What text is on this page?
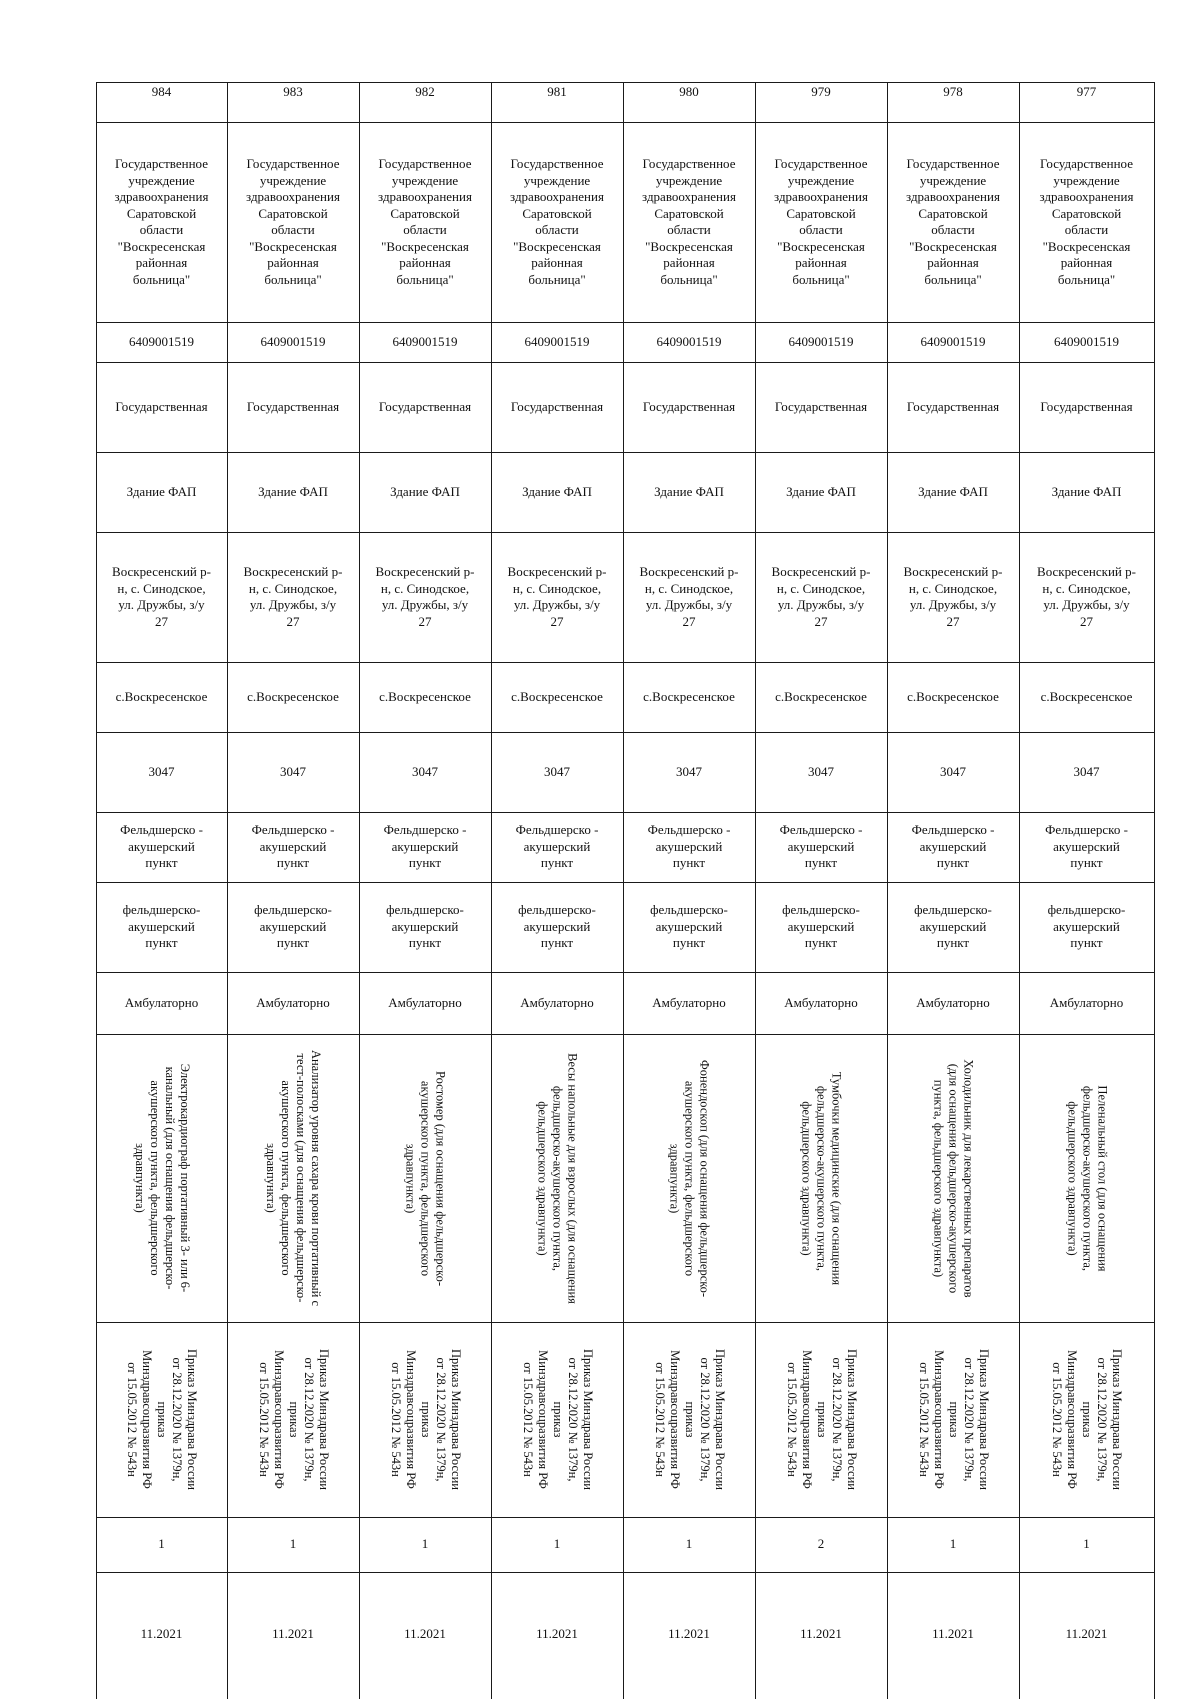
984
Государственное
учреждение
здравоохранения
Саратовской
области
"Воскресенская
районная
больница"
6409001519
Государственная
Здание ФАП
Воскресенский р-
н, с. Синодское,
ул. Дружбы, з/у
27
с.Воскресенское
3047
Фельдшерско -
акушерский
пункт
фельдшерско-
акушерский
пункт
Амбулаторно
Электрокардиограф портативный 3- или 6-
канальный (для оснащения фельдшерско-
акушерского пункта, фельдшерского
здравпункта)
Приказ Минздрава России
от 28.12.2020 № 1379н,
приказ
Минздравсоцразвития РФ
от 15.05.2012 № 543н
1
11.2021
983
Государственное
учреждение
здравоохранения
Саратовской
области
"Воскресенская
районная
больница"
6409001519
Государственная
Здание ФАП
Воскресенский р-
н, с. Синодское,
ул. Дружбы, з/у
27
с.Воскресенское
3047
Фельдшерско -
акушерский
пункт
фельдшерско-
акушерский
пункт
Амбулаторно
Анализатор уровня сахара крови портативный с
тест-полосками (для оснащения фельдшерско-
акушерского пункта, фельдшерского
здравпункта)
Приказ Минздрава России
от 28.12.2020 № 1379н,
приказ
Минздравсоцразвития РФ
от 15.05.2012 № 543н
1
11.2021
982
Государственное
учреждение
здравоохранения
Саратовской
области
"Воскресенская
районная
больница"
6409001519
Государственная
Здание ФАП
Воскресенский р-
н, с. Синодское,
ул. Дружбы, з/у
27
с.Воскресенское
3047
Фельдшерско -
акушерский
пункт
фельдшерско-
акушерский
пункт
Амбулаторно
Ростомер (для оснащения фельдшерско-
акушерского пункта, фельдшерского
здравпункта)
Приказ Минздрава России
от 28.12.2020 № 1379н,
приказ
Минздравсоцразвития РФ
от 15.05.2012 № 543н
1
11.2021
981
Государственное
учреждение
здравоохранения
Саратовской
области
"Воскресенская
районная
больница"
6409001519
Государственная
Здание ФАП
Воскресенский р-
н, с. Синодское,
ул. Дружбы, з/у
27
с.Воскресенское
3047
Фельдшерско -
акушерский
пункт
фельдшерско-
акушерский
пункт
Амбулаторно
Весы напольные для взрослых (для оснащения
фельдшерско-акушерского пункта,
фельдшерского здравпункта)
Приказ Минздрава России
от 28.12.2020 № 1379н,
приказ
Минздравсоцразвития РФ
от 15.05.2012 № 543н
1
11.2021
980
Государственное
учреждение
здравоохранения
Саратовской
области
"Воскресенская
районная
больница"
6409001519
Государственная
Здание ФАП
Воскресенский р-
н, с. Синодское,
ул. Дружбы, з/у
27
с.Воскресенское
3047
Фельдшерско -
акушерский
пункт
фельдшерско-
акушерский
пункт
Амбулаторно
Фонендоскоп (для оснащения фельдшерско-
акушерского пункта, фельдшерского
здравпункта)
Приказ Минздрава России
от 28.12.2020 № 1379н,
приказ
Минздравсоцразвития РФ
от 15.05.2012 № 543н
1
11.2021
979
Государственное
учреждение
здравоохранения
Саратовской
области
"Воскресенская
районная
больница"
6409001519
Государственная
Здание ФАП
Воскресенский р-
н, с. Синодское,
ул. Дружбы, з/у
27
с.Воскресенское
3047
Фельдшерско -
акушерский
пункт
фельдшерско-
акушерский
пункт
Амбулаторно
Тумбочки медицинские (для оснащения
фельдшерско-акушерского пункта,
фельдшерского здравпункта)
Приказ Минздрава России
от 28.12.2020 № 1379н,
приказ
Минздравсоцразвития РФ
от 15.05.2012 № 543н
2
11.2021
978
Государственное
учреждение
здравоохранения
Саратовской
области
"Воскресенская
районная
больница"
6409001519
Государственная
Здание ФАП
Воскресенский р-
н, с. Синодское,
ул. Дружбы, з/у
27
с.Воскресенское
3047
Фельдшерско -
акушерский
пункт
фельдшерско-
акушерский
пункт
Амбулаторно
Холодильник для лекарственных препаратов
(для оснащения фельдшерско-акушерского
пункта, фельдшерского здравпункта)
Приказ Минздрава России
от 28.12.2020 № 1379н,
приказ
Минздравсоцразвития РФ
от 15.05.2012 № 543н
1
11.2021
977
Государственное
учреждение
здравоохранения
Саратовской
области
"Воскресенская
районная
больница"
6409001519
Государственная
Здание ФАП
Воскресенский р-
н, с. Синодское,
ул. Дружбы, з/у
27
с.Воскресенское
3047
Фельдшерско -
акушерский
пункт
фельдшерско-
акушерский
пункт
Амбулаторно
Пеленальный стол (для оснащения
фельдшерско-акушерского пункта,
фельдшерского здравпункта)
Приказ Минздрава России
от 28.12.2020 № 1379н,
приказ
Минздравсоцразвития РФ
от 15.05.2012 № 543н
1
11.2021
